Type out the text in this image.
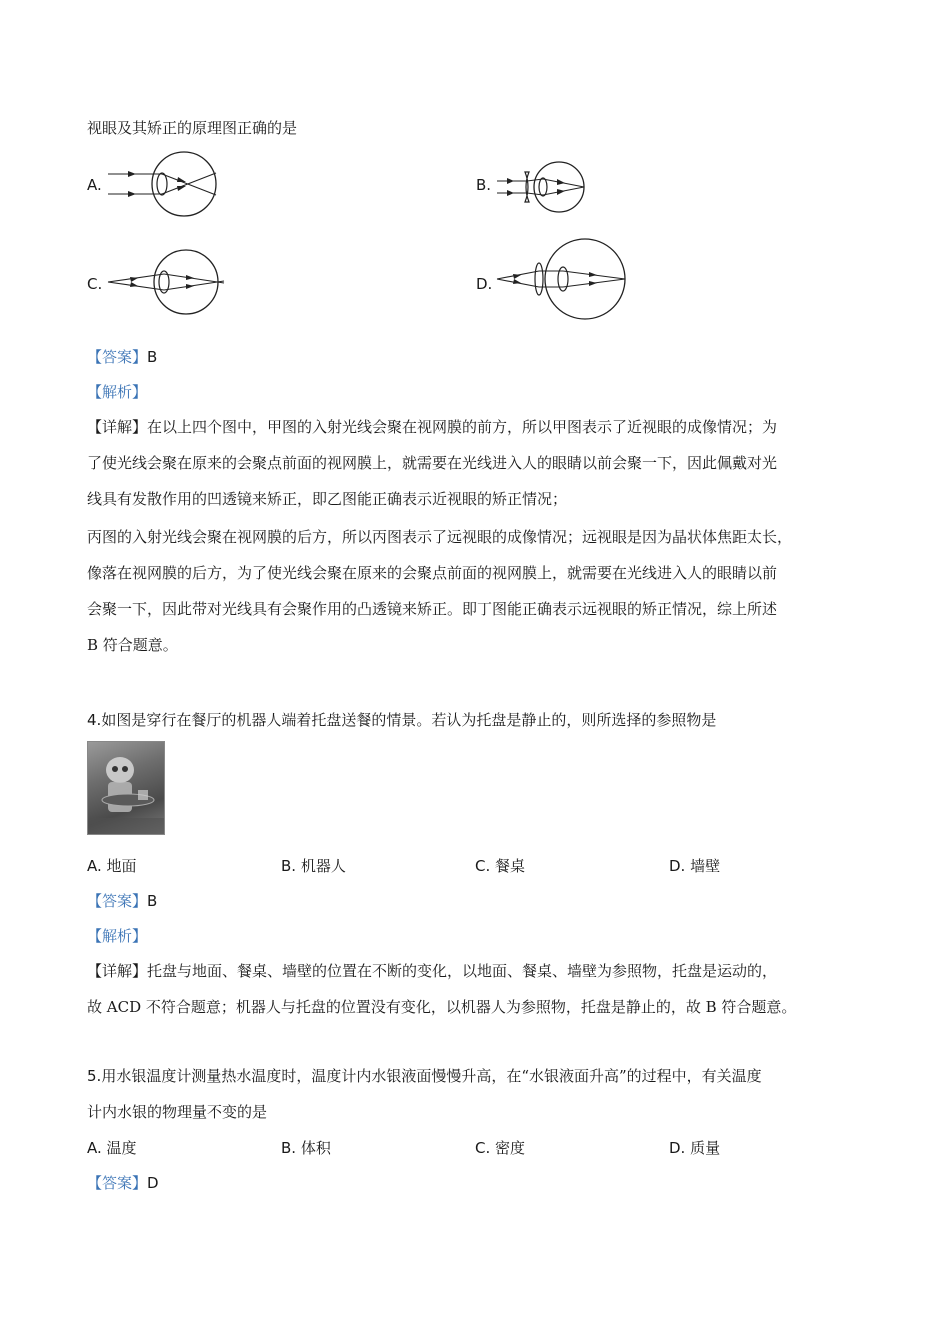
视眼及其矫正的原理图正确的是
A.	B.
C.	D.
【答案】B
【解析】
【详解】在以上四个图中，甲图的入射光线会聚在视网膜的前方，所以甲图表示了近视眼的成像情况；为
了使光线会聚在原来的会聚点前面的视网膜上，就需要在光线进入人的眼睛以前会聚一下，因此佩戴对光
线具有发散作用的凹透镜来矫正，即乙图能正确表示近视眼的矫正情况；
丙图的入射光线会聚在视网膜的后方，所以丙图表示了远视眼的成像情况；远视眼是因为晶状体焦距太长，
像落在视网膜的后方，为了使光线会聚在原来的会聚点前面的视网膜上，就需要在光线进入人的眼睛以前
会聚一下，因此带对光线具有会聚作用的凸透镜来矫正。即丁图能正确表示远视眼的矫正情况，综上所述
B 符合题意。
4.如图是穿行在餐厅的机器人端着托盘送餐的情景。若认为托盘是静止的，则所选择的参照物是
A. 地面	B. 机器人	C. 餐桌	D. 墙壁
【答案】B
【解析】
【详解】托盘与地面、餐桌、墙壁的位置在不断的变化，以地面、餐桌、墙壁为参照物，托盘是运动的，
故 ACD 不符合题意；机器人与托盘的位置没有变化，以机器人为参照物，托盘是静止的，故 B 符合题意。
5.用水银温度计测量热水温度时，温度计内水银液面慢慢升高，在“水银液面升高”的过程中，有关温度
计内水银的物理量不变的是
A. 温度	B. 体积	C. 密度	D. 质量
【答案】D
